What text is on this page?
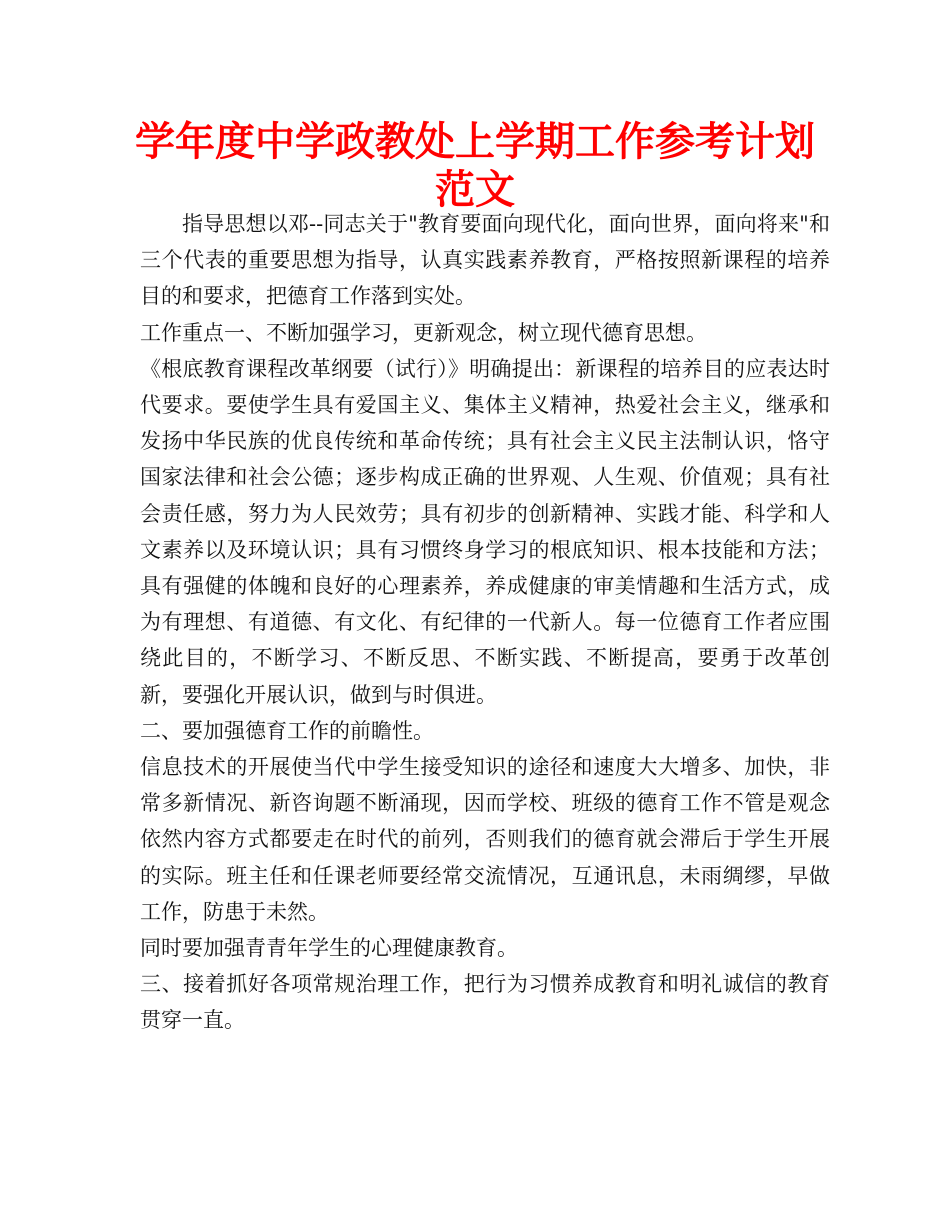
学年度中学政教处上学期工作参考计划范文

指导思想以邓--同志关于"教育要面向现代化，面向世界，面向将来"和三个代表的重要思想为指导，认真实践素养教育，严格按照新课程的培养目的和要求，把德育工作落到实处。

工作重点一、不断加强学习，更新观念，树立现代德育思想。

《根底教育课程改革纲要（试行）》明确提出：新课程的培养目的应表达时代要求。要使学生具有爱国主义、集体主义精神，热爱社会主义，继承和发扬中华民族的优良传统和革命传统；具有社会主义民主法制认识，恪守国家法律和社会公德；逐步构成正确的世界观、人生观、价值观；具有社会责任感，努力为人民效劳；具有初步的创新精神、实践才能、科学和人文素养以及环境认识；具有习惯终身学习的根底知识、根本技能和方法；具有强健的体魄和良好的心理素养，养成健康的审美情趣和生活方式，成为有理想、有道德、有文化、有纪律的一代新人。每一位德育工作者应围绕此目的，不断学习、不断反思、不断实践、不断提高，要勇于改革创新，要强化开展认识，做到与时俱进。

二、要加强德育工作的前瞻性。

信息技术的开展使当代中学生接受知识的途径和速度大大增多、加快，非常多新情况、新咨询题不断涌现，因而学校、班级的德育工作不管是观念依然内容方式都要走在时代的前列，否则我们的德育就会滞后于学生开展的实际。班主任和任课老师要经常交流情况，互通讯息，未雨绸缪，早做工作，防患于未然。

同时要加强青青年学生的心理健康教育。

三、接着抓好各项常规治理工作，把行为习惯养成教育和明礼诚信的教育贯穿一直。
